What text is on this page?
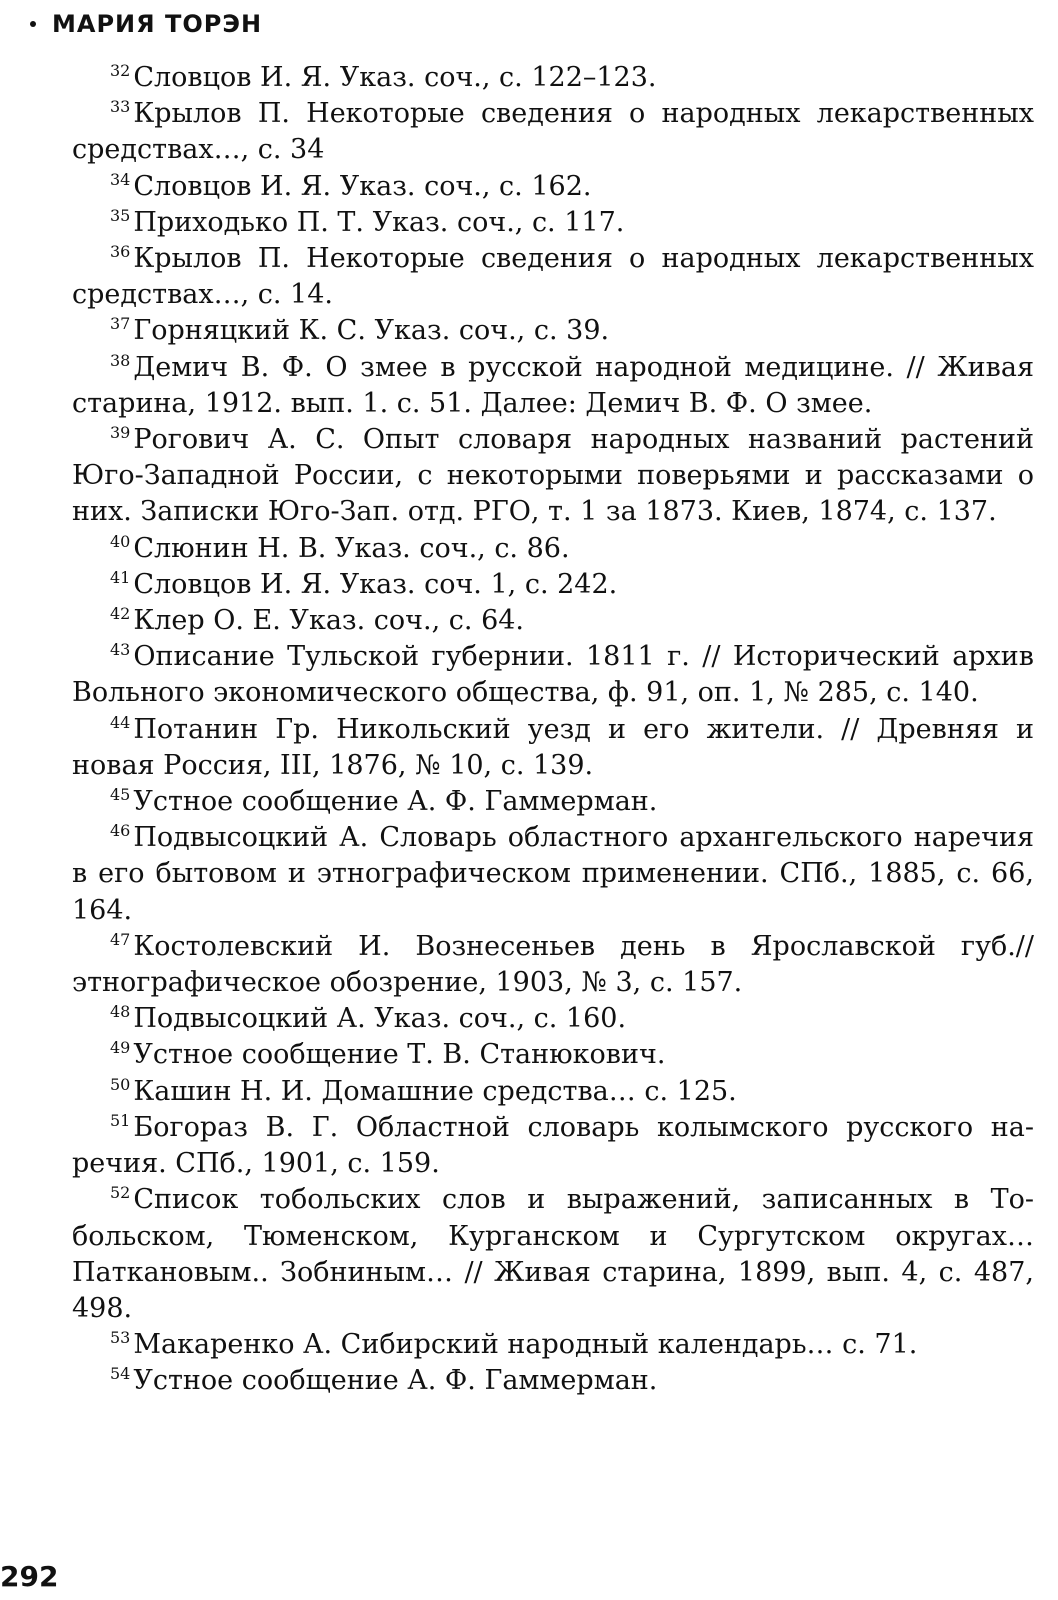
МАРИЯ ТОРЭН

$^{32}$ Словцов И. Я. Указ. соч., с. 122–123.

$^{33}$ Крылов П. Некоторые сведения о народных лекарственных средствах…, с. 34

$^{34}$ Словцов И. Я. Указ. соч., с. 162.

$^{35}$ Приходько П. Т. Указ. соч., с. 117.

$^{36}$ Крылов П. Некоторые сведения о народных лекарственных средствах…, с. 14.

$^{37}$ Горняцкий К. С. Указ. соч., с. 39.

$^{38}$ Демич В. Ф. О змее в русской народной медицине. // Живая старина, 1912. вып. 1. с. 51. Далее: Демич В. Ф. О змее.

$^{39}$ Рогович А. С. Опыт словаря народных названий растений Юго-Западной России, с некоторыми поверьями и рассказами о них. Записки Юго-Зап. отд. РГО, т. 1 за 1873. Киев, 1874, с. 137.

$^{40}$ Слюнин Н. В. Указ. соч., с. 86.

$^{41}$ Словцов И. Я. Указ. соч. 1, с. 242.

$^{42}$ Клер О. Е. Указ. соч., с. 64.

$^{43}$ Описание Тульской губернии. 1811 г. // Исторический архив Вольного экономического общества, ф. 91, оп. 1, № 285, с. 140.

$^{44}$ Потанин Гр. Никольский уезд и его жители. // Древняя и новая Россия, III, 1876, № 10, с. 139.

$^{45}$ Устное сообщение А. Ф. Гаммерман.

$^{46}$ Подвысоцкий А. Словарь областного архангельского наречия в его бытовом и этнографическом применении. СПб., 1885, с. 66, 164.

$^{47}$ Костолевский И. Вознесеньев день в Ярославской губ.// этнографическое обозрение, 1903, № 3, с. 157.

$^{48}$ Подвысоцкий А. Указ. соч., с. 160.

$^{49}$ Устное сообщение Т. В. Станюкович.

$^{50}$ Кашин Н. И. Домашние средства… с. 125.

$^{51}$ Богораз В. Г. Областной словарь колымского русского наречия. СПб., 1901, с. 159.

$^{52}$ Список тобольских слов и выражений, записанных в Тобольском, Тюменском, Курганском и Сургутском округах… Паткановым.. Зобниным… // Живая старина, 1899, вып. 4, с. 487, 498.

$^{53}$ Макаренко А. Сибирский народный календарь… с. 71.

$^{54}$ Устное сообщение А. Ф. Гаммерман.

292
